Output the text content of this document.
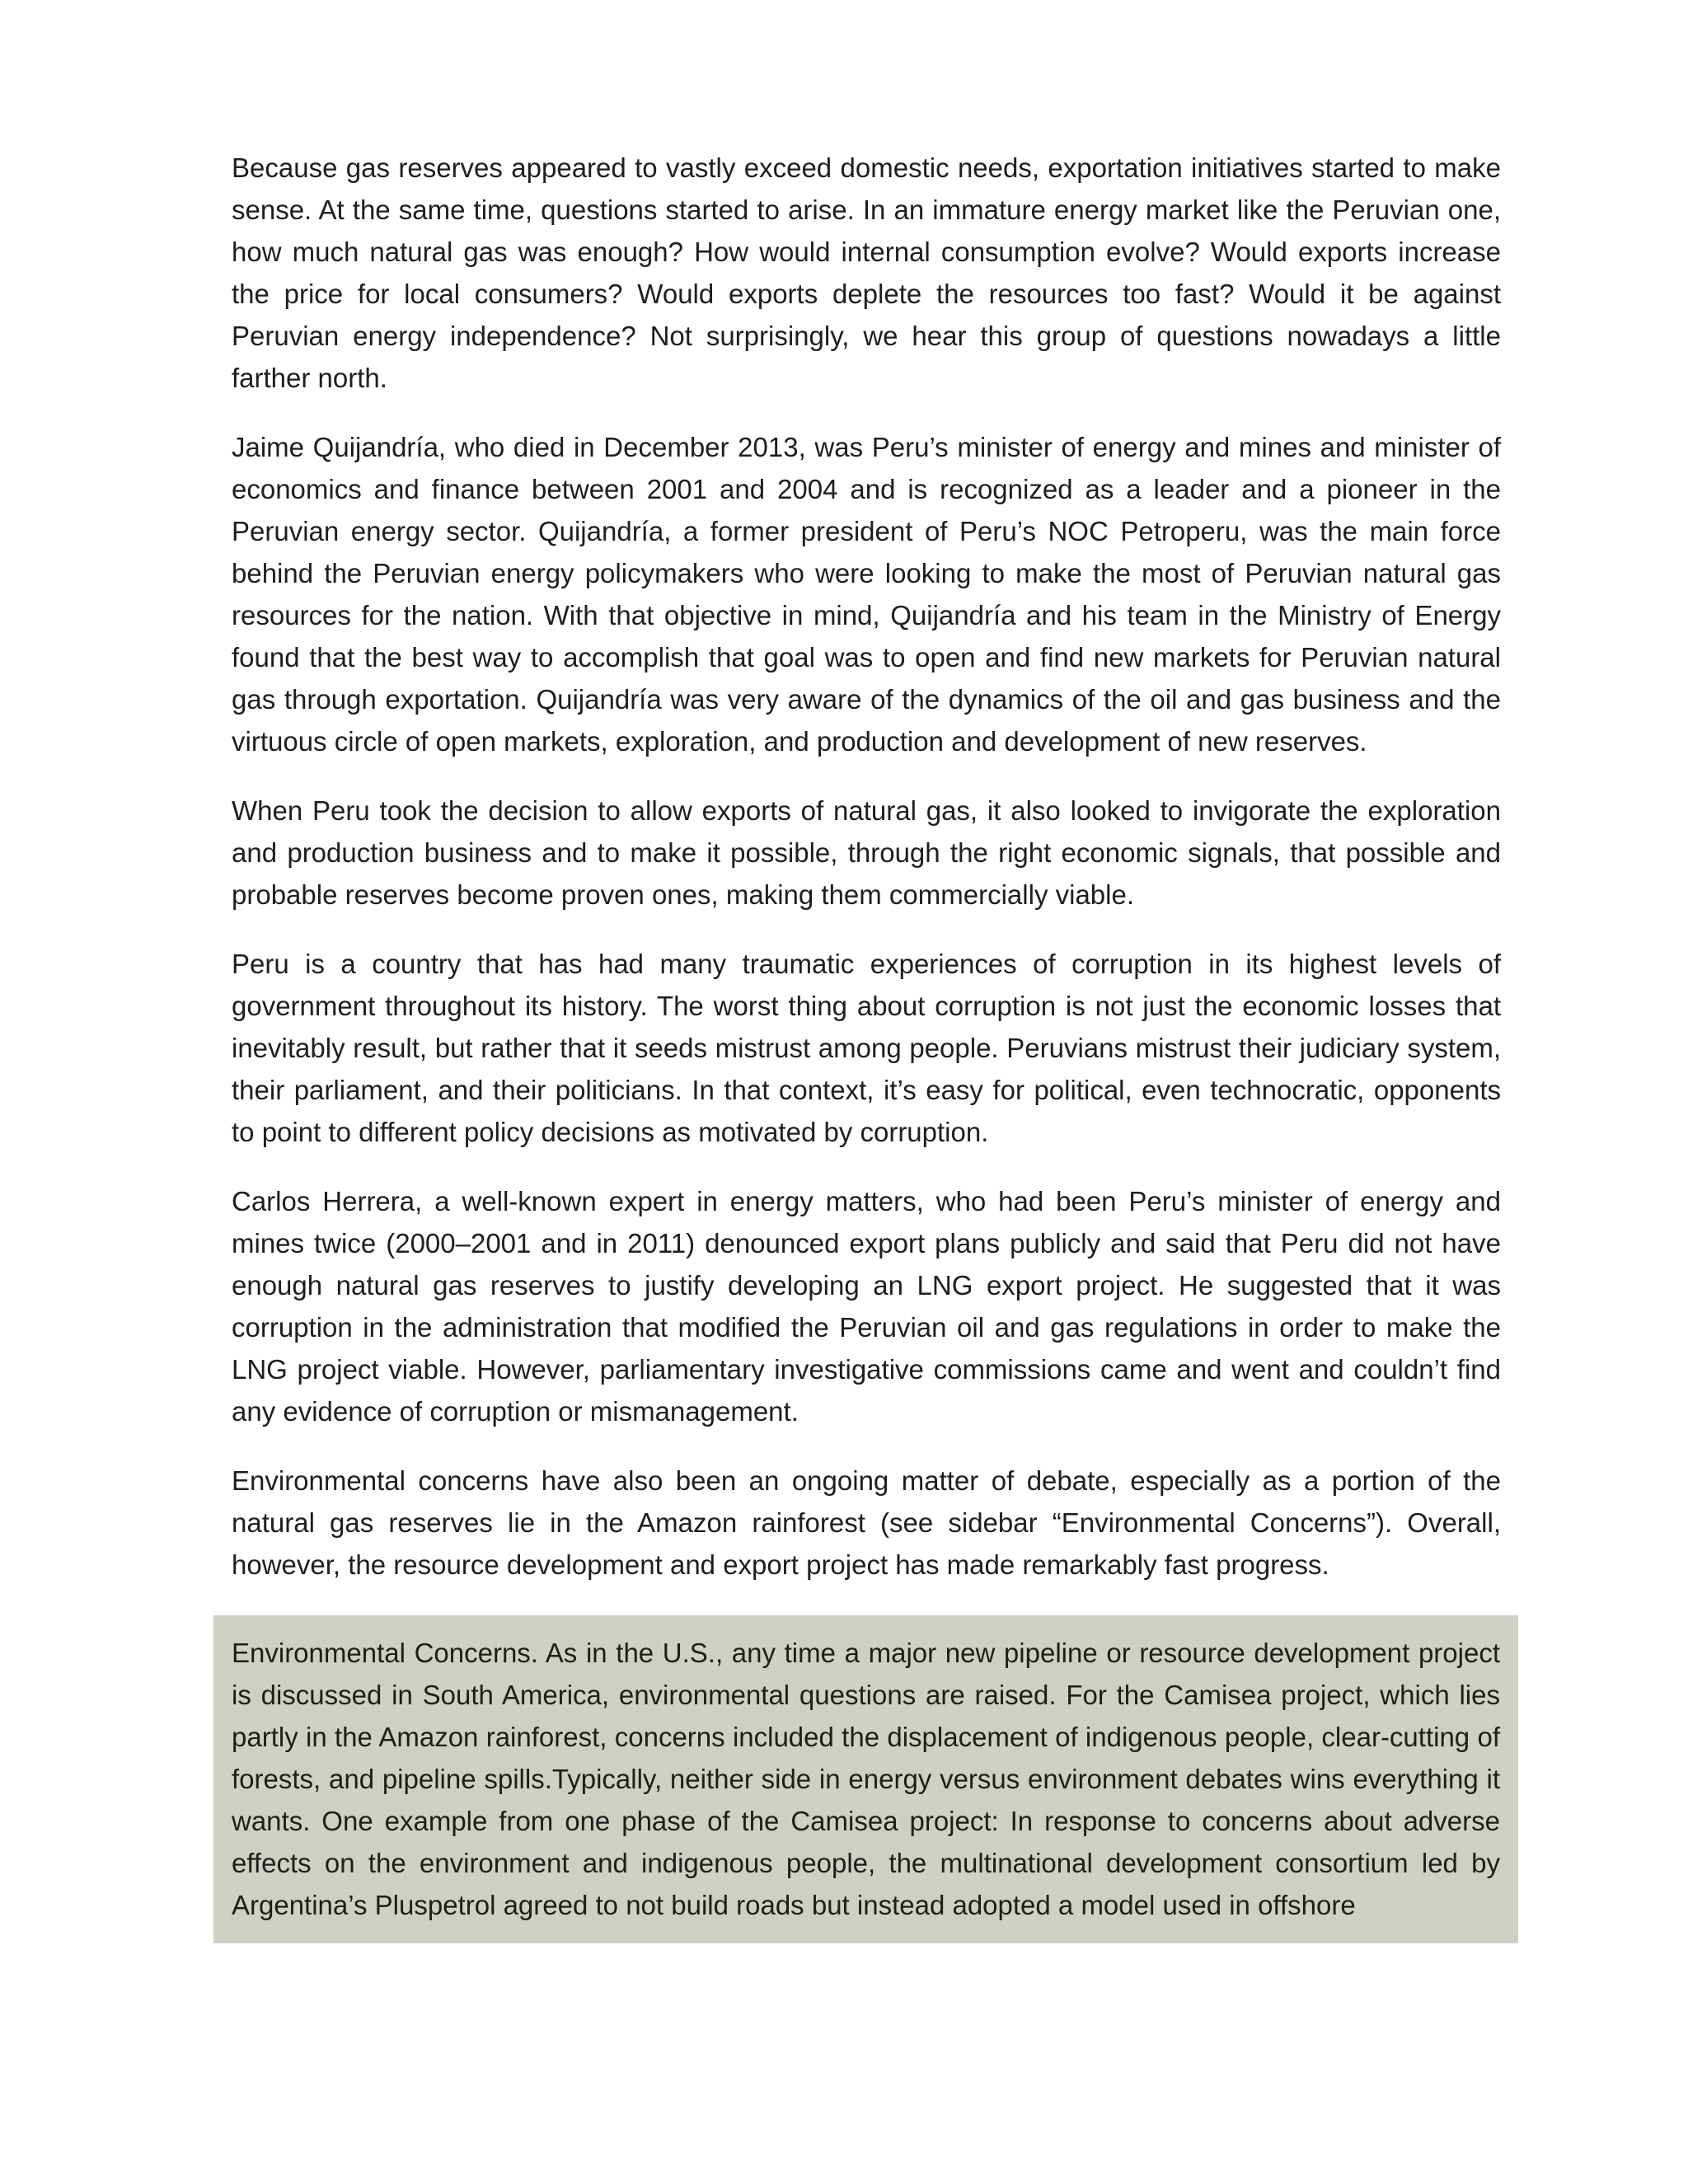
Because gas reserves appeared to vastly exceed domestic needs, exportation initiatives started to make sense. At the same time, questions started to arise. In an immature energy market like the Peruvian one, how much natural gas was enough? How would internal consumption evolve? Would exports increase the price for local consumers? Would exports deplete the resources too fast? Would it be against Peruvian energy independence? Not surprisingly, we hear this group of questions nowadays a little farther north.

Jaime Quijandría, who died in December 2013, was Peru’s minister of energy and mines and minister of economics and finance between 2001 and 2004 and is recognized as a leader and a pioneer in the Peruvian energy sector. Quijandría, a former president of Peru’s NOC Petroperu, was the main force behind the Peruvian energy policymakers who were looking to make the most of Peruvian natural gas resources for the nation. With that objective in mind, Quijandría and his team in the Ministry of Energy found that the best way to accomplish that goal was to open and find new markets for Peruvian natural gas through exportation. Quijandría was very aware of the dynamics of the oil and gas business and the virtuous circle of open markets, exploration, and production and development of new reserves.

When Peru took the decision to allow exports of natural gas, it also looked to invigorate the exploration and production business and to make it possible, through the right economic signals, that possible and probable reserves become proven ones, making them commercially viable.

Peru is a country that has had many traumatic experiences of corruption in its highest levels of government throughout its history. The worst thing about corruption is not just the economic losses that inevitably result, but rather that it seeds mistrust among people. Peruvians mistrust their judiciary system, their parliament, and their politicians. In that context, it’s easy for political, even technocratic, opponents to point to different policy decisions as motivated by corruption.

Carlos Herrera, a well-known expert in energy matters, who had been Peru’s minister of energy and mines twice (2000–2001 and in 2011) denounced export plans publicly and said that Peru did not have enough natural gas reserves to justify developing an LNG export project. He suggested that it was corruption in the administration that modified the Peruvian oil and gas regulations in order to make the LNG project viable. However, parliamentary investigative commissions came and went and couldn’t find any evidence of corruption or mismanagement.

Environmental concerns have also been an ongoing matter of debate, especially as a portion of the natural gas reserves lie in the Amazon rainforest (see sidebar “Environmental Concerns”). Overall, however, the resource development and export project has made remarkably fast progress.

Environmental Concerns. As in the U.S., any time a major new pipeline or resource development project is discussed in South America, environmental questions are raised. For the Camisea project, which lies partly in the Amazon rainforest, concerns included the displacement of indigenous people, clear-cutting of forests, and pipeline spills.Typically, neither side in energy versus environment debates wins everything it wants. One example from one phase of the Camisea project: In response to concerns about adverse effects on the environment and indigenous people, the multinational development consortium led by Argentina’s Pluspetrol agreed to not build roads but instead adopted a model used in offshore
